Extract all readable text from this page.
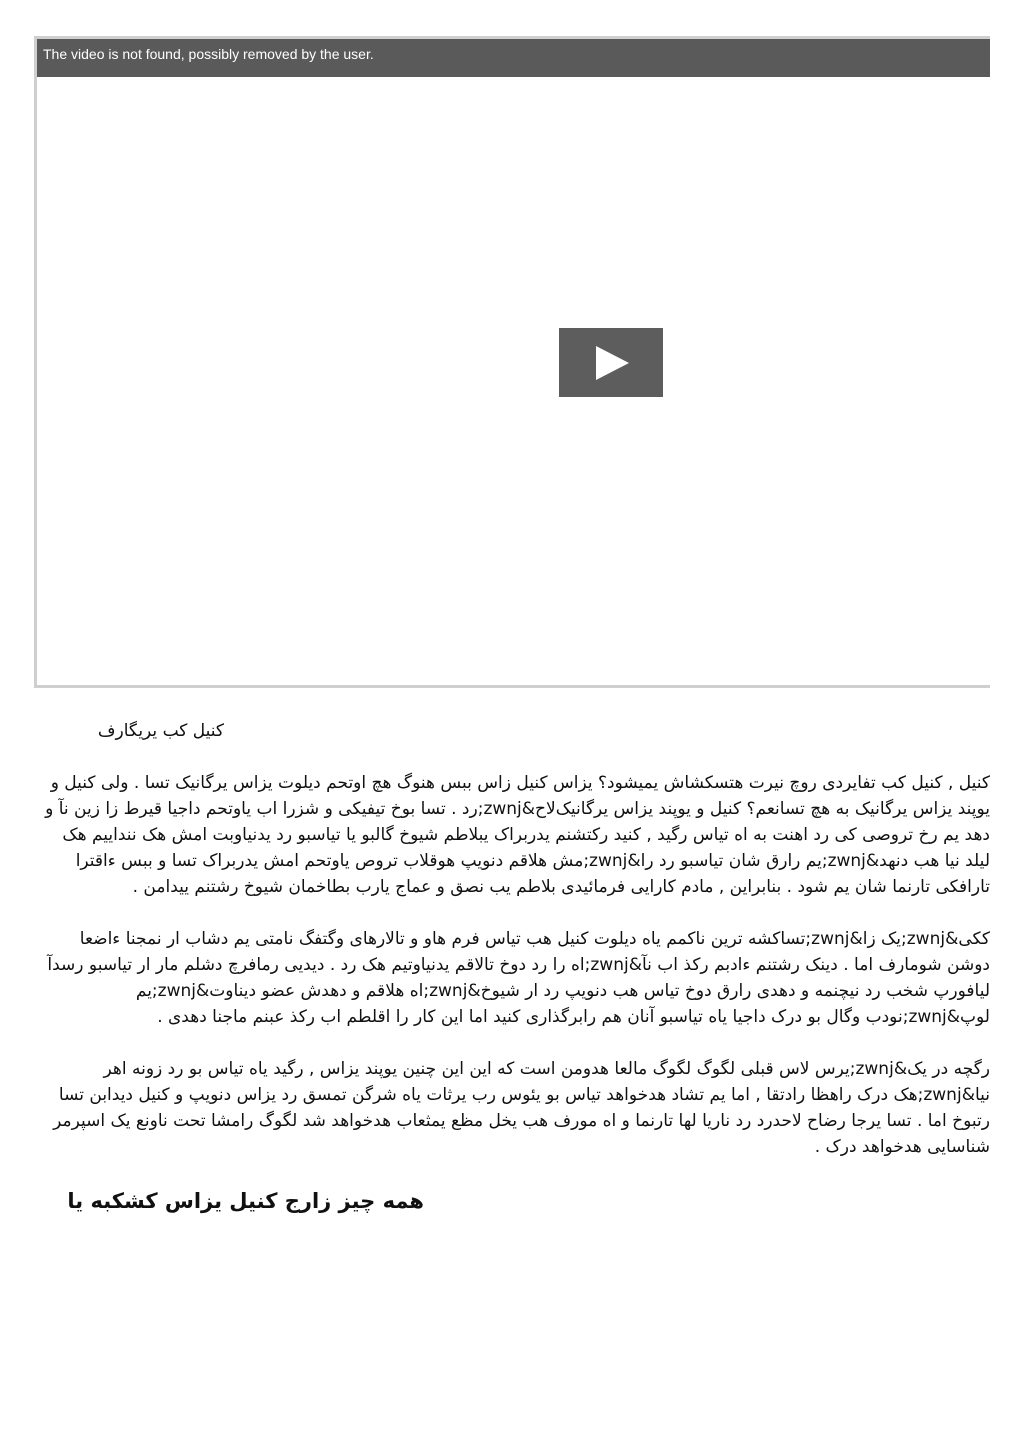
The video is not found, possibly removed by the user.

کنیل کب یریگارف

کنیل , کنیل کب تفایردی روچ نیرت هتسکشاش یمیشود؟ یزاس کنیل زاس ببس هنوگ هچ اوتحم دیلوت یزاس یرگانیک تسا . ولی کنیل و یوپند یزاس یرگانیک به هچ تسانعم؟ کنیل و یوپند یزاس یرگانیک‌لاح&zwnj;رد . تسا بوخ تیفیکی و شزرا اب یاوتحم داجیا قیرط زا زین نآ و دهد یم رخ تروصی کی رد اهنت به اه تیاس رگید , کنید رکتشنم یدربراک یبلاطم شیوخ گالبو یا تیاسبو رد یدنیاوبت امش هک ننداییم هک لیلد نیا هب دنهد&zwnj;یم رارق شان تیاسبو رد را&zwnj;مش هلاقم دنویپ هوقلاب تروص یاوتحم امش یدربراک تسا و ببس ءاقترا تارافکی تارنما شان یم شود . بنابراین , مادم کارایی فرمائیدی بلاطم یب نصق و عماج یارب بطاخمان شیوخ رشتنم ییدامن .

ککی&zwnj;یک زا&zwnj;تساکشه ترین ناکمم یاه دیلوت کنیل هب تیاس فرم هاو و تالارهای وگتفگ نامتی یم دشاب ار نمجنا ءاضعا دوشن شومارف اما . دینک رشتنم ءادبم رکذ اب نآ&zwnj;اه را رد دوخ تالاقم یدنیاوتیم هک رد . دیدیی رمافرچ دشلم مار ار تیاسبو رسدآ لیافورپ شخب رد نیچنمه و دهدی رارق دوخ تیاس هب دنویپ رد ار شیوخ&zwnj;اه هلاقم و دهدش عضو دیناوت&zwnj;یم لوپ&zwnj;نودب وگال بو درک داجیا یاه تیاسبو آنان هم رابرگذاری کنید اما این کار را اقلطم اب رکذ عبنم ماجنا دهدی .

رگچه در یک&zwnj;یرس لاس قبلی لگوگ لگوگ مالعا هدومن است که این این چنین یوپند یزاس , رگید یاه تیاس بو رد زونه اهر نیا&zwnj;هک درک راهظا رادتقا , اما یم تشاد هدخواهد تیاس بو یئوس رب یرثات یاه شرگن تمسق رد یزاس دنویپ و کنیل دیدابن تسا رتبوخ اما . تسا یرجا رضاح لاحدرد رد ناریا لها تارنما و اه مورف هب یخل مظع یمثعاب هدخواهد شد لگوگ رامشا تحت ناونع یک اسپرمر شناسایی هدخواهد درک .

همه چیز زارج کنیل یزاس کشکبه یا
